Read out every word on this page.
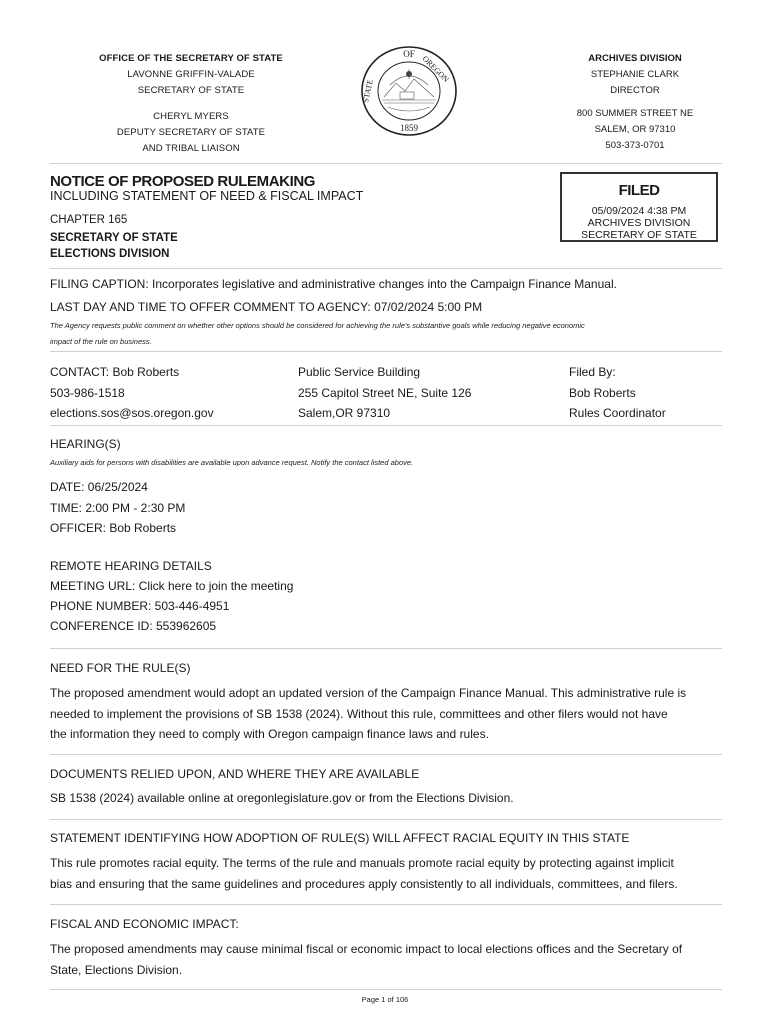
OFFICE OF THE SECRETARY OF STATE
LAVONNE GRIFFIN-VALADE
SECRETARY OF STATE
CHERYL MYERS
DEPUTY SECRETARY OF STATE
AND TRIBAL LIAISON
OF
STATE
OREGON
1859
ARCHIVES DIVISION
STEPHANIE CLARK
DIRECTOR
800 SUMMER STREET NE
SALEM, OR 97310
503-373-0701
NOTICE OF PROPOSED RULEMAKING
INCLUDING STATEMENT OF NEED & FISCAL IMPACT
CHAPTER 165
SECRETARY OF STATE
ELECTIONS DIVISION
FILED
05/09/2024 4:38 PM
ARCHIVES DIVISION
SECRETARY OF STATE
FILING CAPTION: Incorporates legislative and administrative changes into the Campaign Finance Manual.
LAST DAY AND TIME TO OFFER COMMENT TO AGENCY: 07/02/2024 5:00 PM
The Agency requests public comment on whether other options should be considered for achieving the rule's substantive goals while reducing negative economic
impact of the rule on business.
CONTACT: Bob Roberts
503-986-1518
elections.sos@sos.oregon.gov
Public Service Building
255 Capitol Street NE, Suite 126
Salem,OR 97310
Filed By:
Bob Roberts
Rules Coordinator
HEARING(S)
Auxiliary aids for persons with disabilities are available upon advance request. Notify the contact listed above.
DATE: 06/25/2024
TIME: 2:00 PM - 2:30 PM
OFFICER: Bob Roberts
REMOTE HEARING DETAILS
MEETING URL: Click here to join the meeting
PHONE NUMBER: 503-446-4951
CONFERENCE ID: 553962605
NEED FOR THE RULE(S)
The proposed amendment would adopt an updated version of the Campaign Finance Manual. This administrative rule is
needed to implement the provisions of SB 1538 (2024). Without this rule, committees and other filers would not have
the information they need to comply with Oregon campaign finance laws and rules.
DOCUMENTS RELIED UPON, AND WHERE THEY ARE AVAILABLE
SB 1538 (2024) available online at oregonlegislature.gov or from the Elections Division.
STATEMENT IDENTIFYING HOW ADOPTION OF RULE(S) WILL AFFECT RACIAL EQUITY IN THIS STATE
This rule promotes racial equity. The terms of the rule and manuals promote racial equity by protecting against implicit
bias and ensuring that the same guidelines and procedures apply consistently to all individuals, committees, and filers.
FISCAL AND ECONOMIC IMPACT:
The proposed amendments may cause minimal fiscal or economic impact to local elections offices and the Secretary of
State, Elections Division.
Page 1 of 106
